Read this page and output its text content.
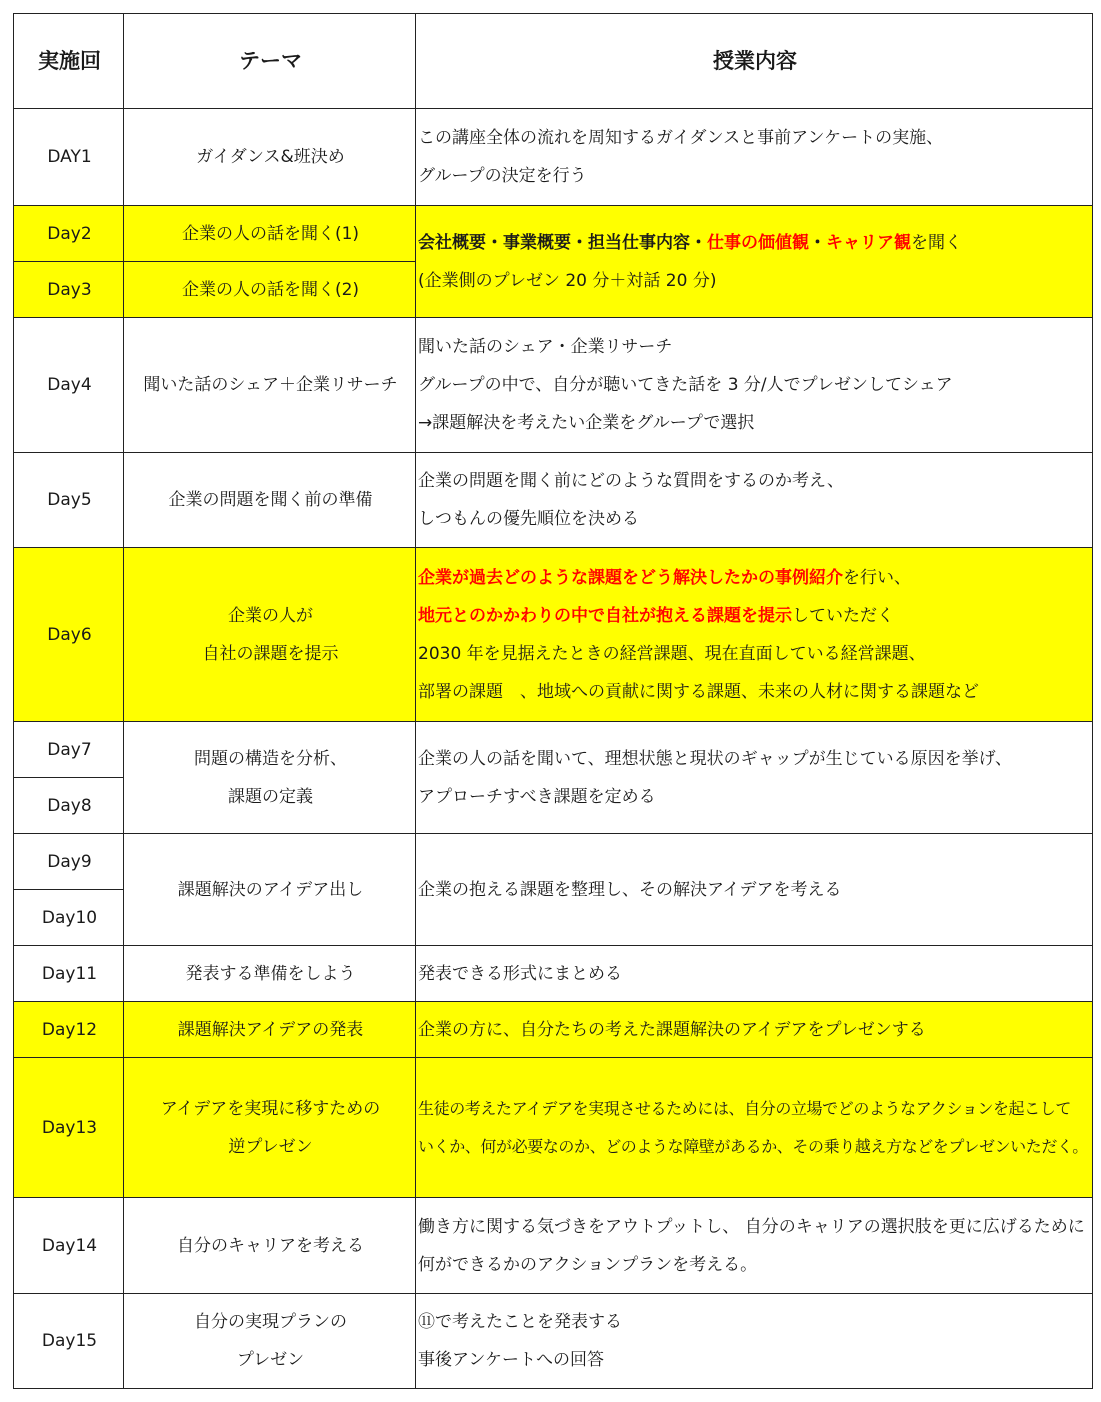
実施回	テーマ	授業内容
DAY1	ガイダンス&班決め	この講座全体の流れを周知するガイダンスと事前アンケートの実施、
グループの決定を行う

Day2	企業の人の話を聞く(1)	会社概要・事業概要・担当仕事内容・仕事の価値観・キャリア観を聞く
(企業側のプレゼン 20 分＋対話 20 分)

Day3	企業の人の話を聞く(2)	
Day4	聞いた話のシェア＋企業リサーチ	聞いた話のシェア・企業リサーチ
グループの中で、自分が聴いてきた話を 3 分/人でプレゼンしてシェア
→課題解決を考えたい企業をグループで選択

Day5	企業の問題を聞く前の準備	企業の問題を聞く前にどのような質問をするのか考え、
しつもんの優先順位を決める

Day6	企業の人が
自社の課題を提示	企業が過去どのような課題をどう解決したかの事例紹介を行い、
地元とのかかわりの中で自社が抱える課題を提示していただく
2030 年を見据えたときの経営課題、現在直面している経営課題、
部署の課題　、地域への貢献に関する課題、未来の人材に関する課題など

Day7	問題の構造を分析、
課題の定義	企業の人の話を聞いて、理想状態と現状のギャップが生じている原因を挙げ、
アプローチすべき課題を定める

Day8		
Day9	課題解決のアイデア出し	企業の抱える課題を整理し、その解決アイデアを考える
Day10		
Day11	発表する準備をしよう	発表できる形式にまとめる
Day12	課題解決アイデアの発表	企業の方に、自分たちの考えた課題解決のアイデアをプレゼンする
Day13	アイデアを実現に移すための
逆プレゼン	生徒の考えたアイデアを実現させるためには、自分の立場でどのようなアクションを起こして
いくか、何が必要なのか、どのような障壁があるか、その乗り越え方などをプレゼンいただく。

Day14	自分のキャリアを考える	働き方に関する気づきをアウトプットし、 自分のキャリアの選択肢を更に広げるために
何ができるかのアクションプランを考える。

Day15	自分の実現プランの
プレゼン	⑪で考えたことを発表する
事後アンケートへの回答
